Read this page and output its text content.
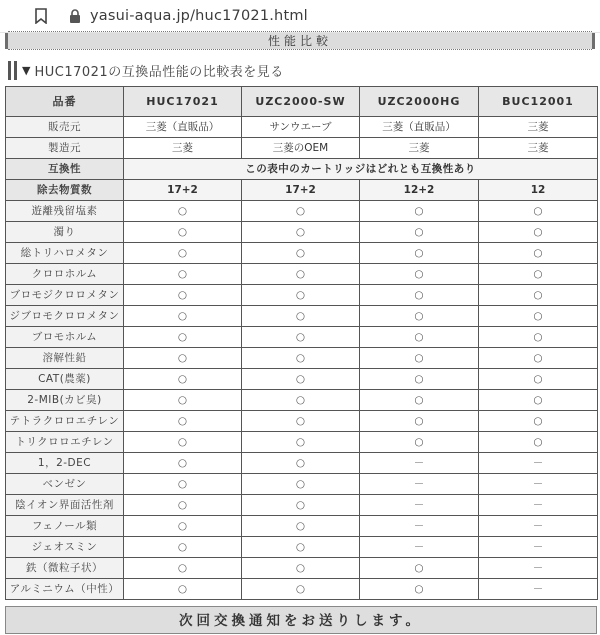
yasui-aqua.jp/huc17021.html
性能比較
▼ HUC17021の互換品性能の比較表を見る
品番	HUC17021	UZC2000-SW	UZC2000HG	BUC12001
販売元	三菱（直販品）	サンウエーブ	三菱（直販品）	三菱
製造元	三菱	三菱のOEM	三菱	三菱
互換性	この表中のカートリッジはどれとも互換性あり			
除去物質数	17+2	17+2	12+2	12
遊離残留塩素	○	○	○	○
濁り	○	○	○	○
総トリハロメタン	○	○	○	○
クロロホルム	○	○	○	○
ブロモジクロロメタン	○	○	○	○
ジブロモクロロメタン	○	○	○	○
ブロモホルム	○	○	○	○
溶解性鉛	○	○	○	○
CAT(農薬)	○	○	○	○
2-MIB(カビ臭)	○	○	○	○
テトラクロロエチレン	○	○	○	○
トリクロロエチレン	○	○	○	○
1，2-DEC	○	○	－	－
ベンゼン	○	○	－	－
陰イオン界面活性剤	○	○	－	－
フェノール類	○	○	－	－
ジェオスミン	○	○	－	－
鉄（微粒子状）	○	○	○	－
アルミニウム（中性）	○	○	○	－
次回交換通知をお送りします。
